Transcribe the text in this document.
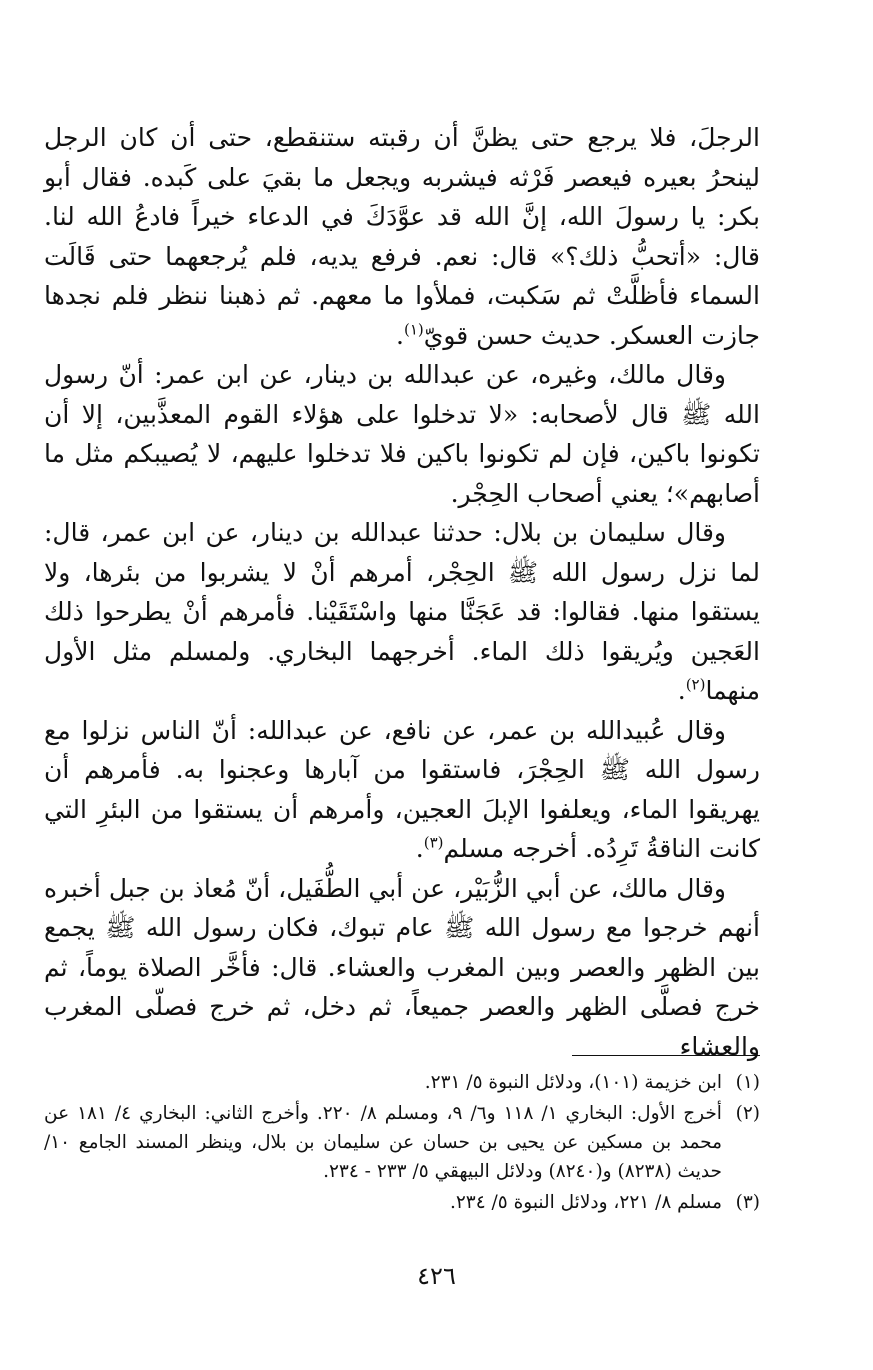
الرجلَ، فلا يرجع حتى يظنَّ أن رقبته ستنقطع، حتى أن كان الرجل لينحرُ بعيره فيعصر فَرْثه فيشربه ويجعل ما بقيَ على كَبده. فقال أبو بكر: يا رسولَ الله، إنَّ الله قد عوَّدَكَ في الدعاء خيراً فادعُ الله لنا. قال: «أتحبُّ ذلك؟» قال: نعم. فرفع يديه، فلم يُرجعهما حتى قَالَت السماء فأظلَّتْ ثم سَكبت، فملأوا ما معهم. ثم ذهبنا ننظر فلم نجدها جازت العسكر. حديث حسن قويّ$^{(١)}$.

وقال مالك، وغيره، عن عبدالله بن دينار، عن ابن عمر: أنّ رسول الله ﷺ قال لأصحابه: «لا تدخلوا على هؤلاء القوم المعذَّبين، إلا أن تكونوا باكين، فإن لم تكونوا باكين فلا تدخلوا عليهم، لا يُصيبكم مثل ما أصابهم»؛ يعني أصحاب الحِجْر.

وقال سليمان بن بلال: حدثنا عبدالله بن دينار، عن ابن عمر، قال: لما نزل رسول الله ﷺ الحِجْر، أمرهم أنْ لا يشربوا من بئرها، ولا يستقوا منها. فقالوا: قد عَجَنَّا منها واسْتَقَيْنا. فأمرهم أنْ يطرحوا ذلك العَجين ويُريقوا ذلك الماء. أخرجهما البخاري. ولمسلم مثل الأول منهما$^{(٢)}$.

وقال عُبيدالله بن عمر، عن نافع، عن عبدالله: أنّ الناس نزلوا مع رسول الله ﷺ الحِجْرَ، فاستقوا من آبارها وعجنوا به. فأمرهم أن يهريقوا الماء، ويعلفوا الإبلَ العجين، وأمرهم أن يستقوا من البئرِ التي كانت الناقةُ تَرِدُه. أخرجه مسلم$^{(٣)}$.

وقال مالك، عن أبي الزُّبَيْر، عن أبي الطُّفَيل، أنّ مُعاذ بن جبل أخبره أنهم خرجوا مع رسول الله ﷺ عام تبوك، فكان رسول الله ﷺ يجمع بين الظهر والعصر وبين المغرب والعشاء. قال: فأخَّر الصلاة يوماً، ثم خرج فصلَّى الظهر والعصر جميعاً، ثم دخل، ثم خرج فصلّى المغرب والعشاء

(١)
ابن خزيمة (١٠١)، ودلائل النبوة ٥/ ٢٣١.
(٢)
أخرج الأول: البخاري ١/ ١١٨ و٦/ ٩، ومسلم ٨/ ٢٢٠. وأخرج الثاني: البخاري ٤/ ١٨١ عن محمد بن مسكين عن يحيى بن حسان عن سليمان بن بلال، وينظر المسند الجامع ١٠/ حديث (٨٢٣٨) و(٨٢٤٠) ودلائل البيهقي ٥/ ٢٣٣ - ٢٣٤.
(٣)
مسلم ٨/ ٢٢١، ودلائل النبوة ٥/ ٢٣٤.
٤٢٦
